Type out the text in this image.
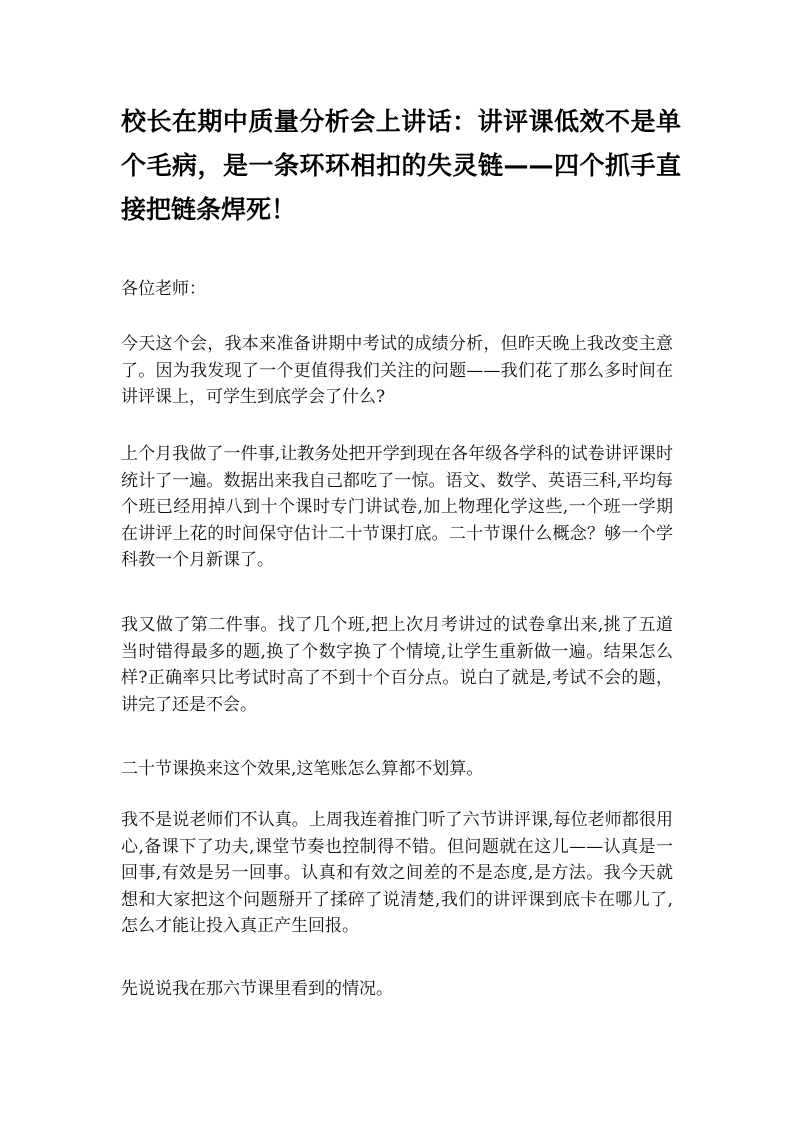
校长在期中质量分析会上讲话：讲评课低效不是单个毛病，是一条环环相扣的失灵链——四个抓手直接把链条焊死！

各位老师：

今天这个会，我本来准备讲期中考试的成绩分析，但昨天晚上我改变主意了。因为我发现了一个更值得我们关注的问题——我们花了那么多时间在讲评课上，可学生到底学会了什么?

上个月我做了一件事,让教务处把开学到现在各年级各学科的试卷讲评课时统计了一遍。数据出来我自己都吃了一惊。语文、数学、英语三科,平均每个班已经用掉八到十个课时专门讲试卷,加上物理化学这些,一个班一学期在讲评上花的时间保守估计二十节课打底。二十节课什么概念？够一个学科教一个月新课了。

我又做了第二件事。找了几个班,把上次月考讲过的试卷拿出来,挑了五道当时错得最多的题,换了个数字换了个情境,让学生重新做一遍。结果怎么样?正确率只比考试时高了不到十个百分点。说白了就是,考试不会的题，讲完了还是不会。

二十节课换来这个效果,这笔账怎么算都不划算。

我不是说老师们不认真。上周我连着推门听了六节讲评课,每位老师都很用心,备课下了功夫,课堂节奏也控制得不错。但问题就在这儿——认真是一回事,有效是另一回事。认真和有效之间差的不是态度,是方法。我今天就想和大家把这个问题掰开了揉碎了说清楚,我们的讲评课到底卡在哪儿了,怎么才能让投入真正产生回报。

先说说我在那六节课里看到的情况。
